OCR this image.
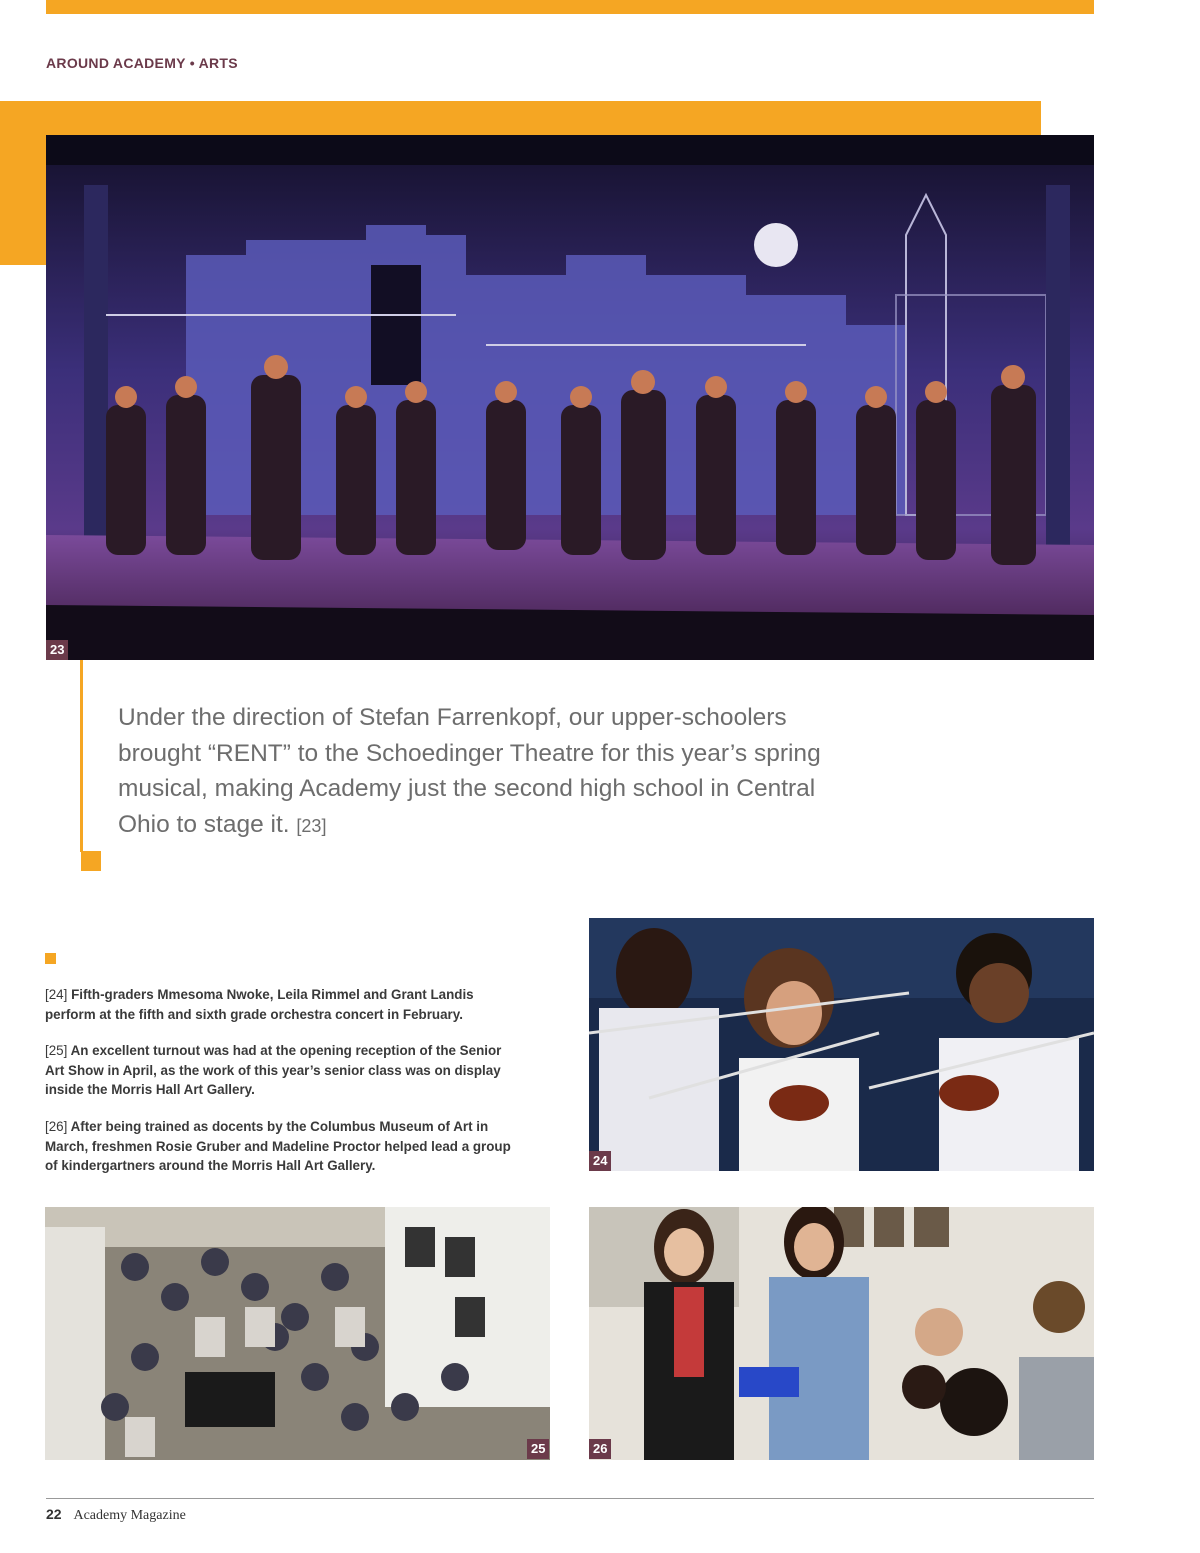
AROUND ACADEMY • ARTS
23
Under the direction of Stefan Farrenkopf, our upper-schoolers brought “RENT” to the Schoedinger Theatre for this year’s spring musical, making Academy just the second high school in Central Ohio to stage it. [23]

[24] Fifth-graders Mmesoma Nwoke, Leila Rimmel and Grant Landis perform at the fifth and sixth grade orchestra concert in February.

[25] An excellent turnout was had at the opening reception of the Senior Art Show in April, as the work of this year’s senior class was on display inside the Morris Hall Art Gallery.

[26] After being trained as docents by the Columbus Museum of Art in March, freshmen Rosie Gruber and Madeline Proctor helped lead a group of kindergartners around the Morris Hall Art Gallery.	24
25	26
22 Academy Magazine
